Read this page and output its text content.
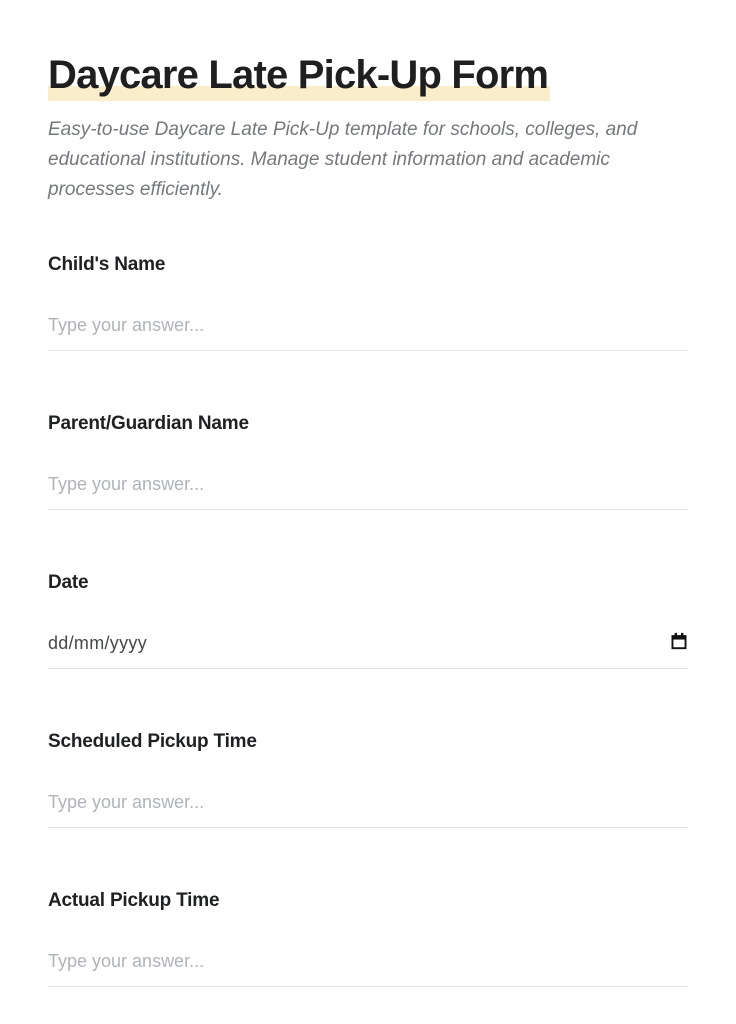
Daycare Late Pick-Up Form

Easy-to-use Daycare Late Pick-Up template for schools, colleges, and educational institutions. Manage student information and academic processes efficiently.

Child's Name
Type your answer...
Parent/Guardian Name
Type your answer...
Date
dd/mm/yyyy
Scheduled Pickup Time
Type your answer...
Actual Pickup Time
Type your answer...
